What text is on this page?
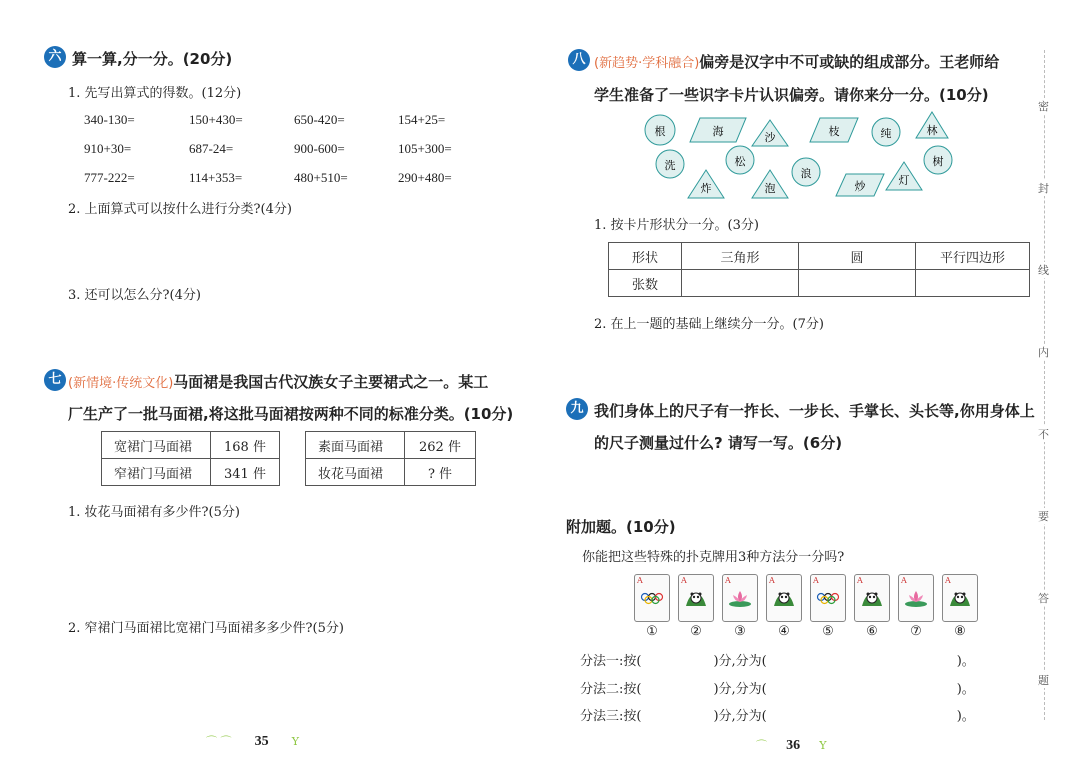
六 算一算,分一分。(20分)
1. 先写出算式的得数。(12分)
340-130=	150+430=	650-420=	154+25=
910+30=	687-24=	900-600=	105+300=
777-222=	114+353=	480+510=	290+480=
2. 上面算式可以按什么进行分类?(4分)
3. 还可以怎么分?(4分)
七 (新情境·传统文化)马面裙是我国古代汉族女子主要裙式之一。某工
厂生产了一批马面裙,将这批马面裙按两种不同的标准分类。(10分)
宽裙门马面裙	168 件
窄裙门马面裙	341 件
素面马面裙	262 件
妆花马面裙	? 件
1. 妆花马面裙有多少件?(5分)
2. 窄裙门马面裙比宽裙门马面裙多多少件?(5分)
⌒ ⌒ 35 Y
八 (新趋势·学科融合)偏旁是汉字中不可或缺的组成部分。王老师给
学生准备了一些识字卡片认识偏旁。请你来分一分。(10分)
根	海	沙	枝	纯	林
洗	松
浪
树
炸	泡	炒	灯
1. 按卡片形状分一分。(3分)
形状	三角形	圆	平行四边形
张数			
2. 在上一题的基础上继续分一分。(7分)
九 我们身体上的尺子有一拃长、一步长、手掌长、头长等,你用身体上
的尺子测量过什么? 请写一写。(6分)
附加题。(10分)
你能把这些特殊的扑克牌用3种方法分一分吗?
A
①
A
②
A
③
A
④
A
⑤
A
⑥
A
⑦
A
⑧
分法一:按(	)分,分为(	)。
分法二:按(	)分,分为(	)。
分法三:按(	)分,分为(	)。
⌒ 36 Y
密
封
线
内
不
要
答
题
